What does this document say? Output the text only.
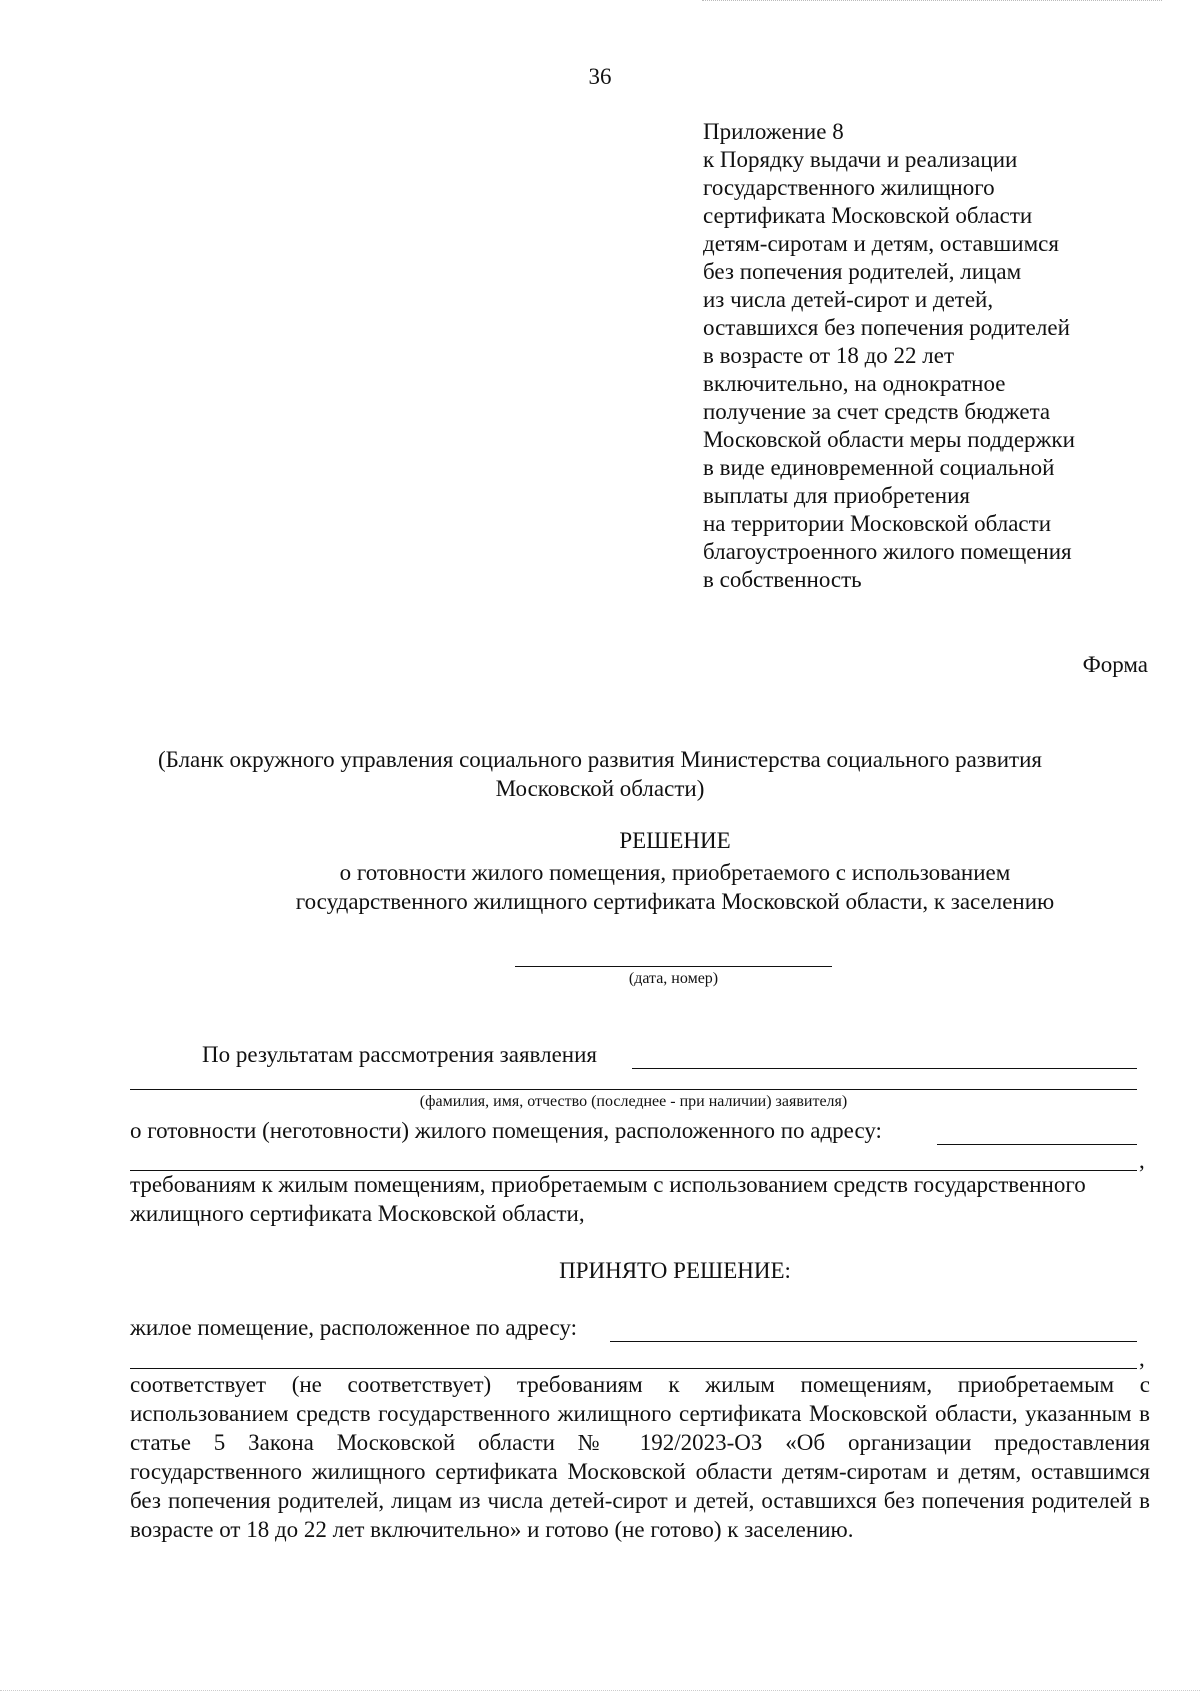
36
Приложение 8
к Порядку выдачи и реализации
государственного жилищного
сертификата Московской области
детям-сиротам и детям, оставшимся
без попечения родителей, лицам
из числа детей-сирот и детей,
оставшихся без попечения родителей
в возрасте от 18 до 22 лет
включительно, на однократное
получение за счет средств бюджета
Московской области меры поддержки
в виде единовременной социальной
выплаты для приобретения
на территории Московской области
благоустроенного жилого помещения
в собственность
Форма
(Бланк окружного управления социального развития Министерства социального развития
Московской области)
РЕШЕНИЕ
о готовности жилого помещения, приобретаемого с использованием
государственного жилищного сертификата Московской области, к заселению
(дата, номер)
По результатам рассмотрения заявления
(фамилия, имя, отчество (последнее - при наличии) заявителя)
о готовности (неготовности) жилого помещения, расположенного по адресу:
,
требованиям к жилым помещениям, приобретаемым с использованием средств государственного
жилищного сертификата Московской области,
ПРИНЯТО РЕШЕНИЕ:
жилое помещение, расположенное по адресу:
,
соответствует (не соответствует) требованиям к жилым помещениям, приобретаемым с использованием средств государственного жилищного сертификата Московской области, указанным в статье 5 Закона Московской области № 192/2023-ОЗ «Об организации предоставления государственного жилищного сертификата Московской области детям-сиротам и детям, оставшимся без попечения родителей, лицам из числа детей-сирот и детей, оставшихся без попечения родителей в возрасте от 18 до 22 лет включительно» и готово (не готово) к заселению.
